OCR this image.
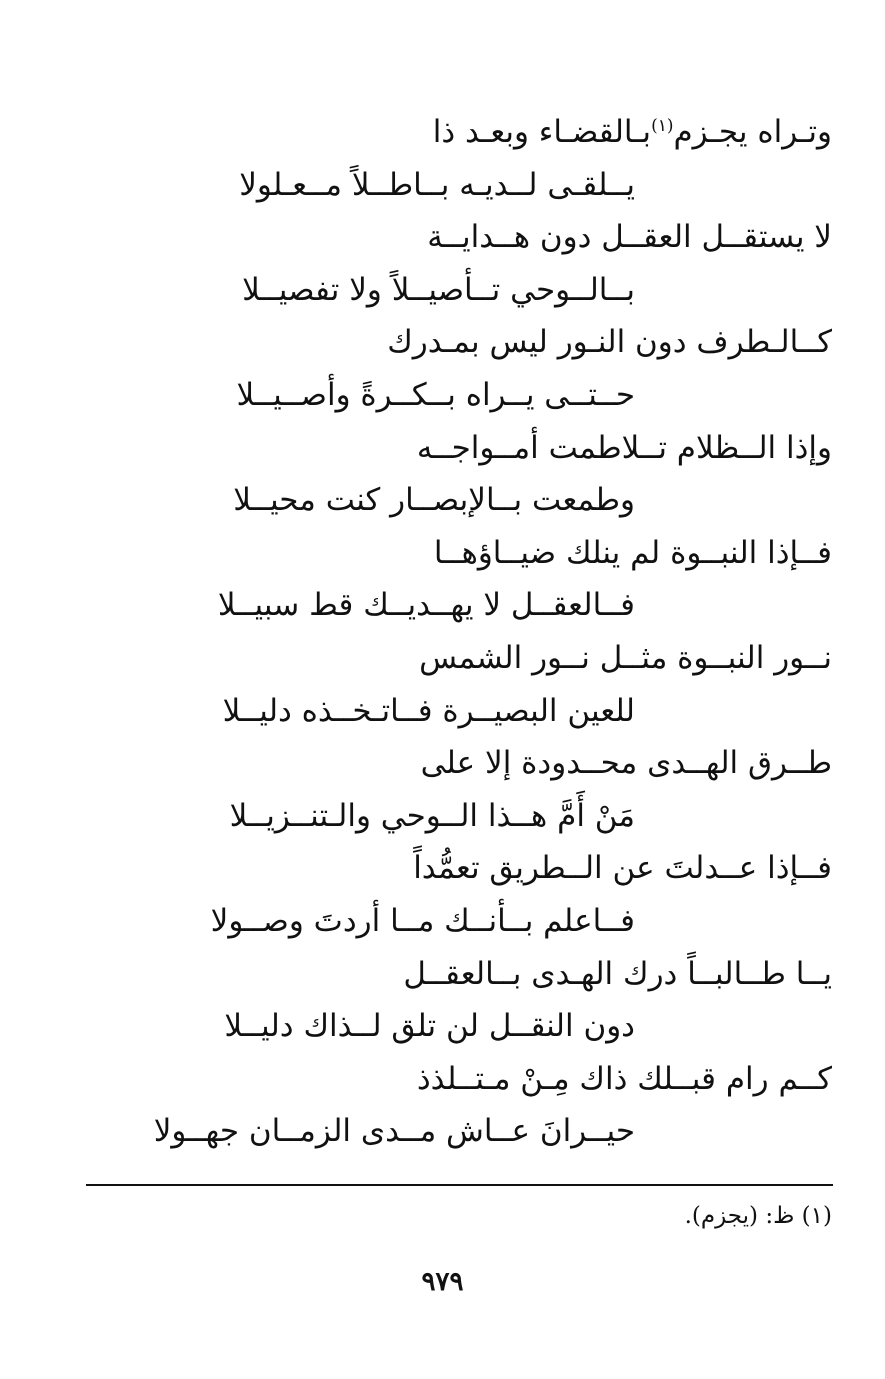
وتـراه يجـزم(١)بـالقضـاء وبعـد ذا
يــلقـى لــديـه بــاطــلاً مــعـلولا
لا يستقــل العقــل دون هــدايــة
بــالــوحي تــأصيــلاً ولا تفصيــلا
كــالـطرف دون النـور ليس بمـدرك
حــتــى يــراه بــكــرةً وأصــيــلا
وإذا الــظلام تــلاطمت أمــواجــه
وطمعت بــالإبصــار كنت محيــلا
فــإذا النبــوة لم ينلك ضيــاؤهــا
فــالعقــل لا يهــديــك قط سبيــلا
نــور النبــوة مثــل نــور الشمس
للعين البصيــرة فــاتـخــذه دليــلا
طــرق الهــدى محــدودة إلا على
مَنْ أَمَّ هــذا الــوحي والـتنــزيــلا
فــإذا عــدلتَ عن الــطريق تعمُّداً
فــاعلم بــأنــك مــا أردتَ وصــولا
يــا طــالبــاً درك الهـدى بــالعقــل
دون النقــل لن تلق لــذاك دليــلا
كــم رام قبــلك ذاك مِـنْ مـتــلذذ
حيــرانَ عــاش مــدى الزمــان جهــولا
(١) ظ: (يجزم).
٩٧٩
